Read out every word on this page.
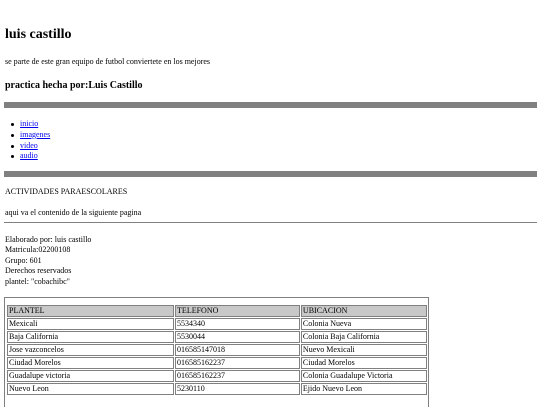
luis castillo
se parte de este gran equipo de futbol conviertete en los mejores
practica hecha por:Luis Castillo
inicio
imagenes
video
audio
ACTIVIDADES PARAESCOLARES
aqui va el contenido de la siguiente pagina
Elaborado por: luis castillo
Matricula:02200108
Grupo: 601
Derechos reservados
plantel: "cobachibc"
PLANTEL	TELEFONO	UBICACION
Mexicali	5534340	Colonia Nueva
Baja California	5530044	Colonia Baja California
Jose vazconcelos	016585147018	Nuevo Mexicali
Ciudad Morelos	016585162237	Ciudad Morelos
Guadalupe victoria	016585162237	Colonia Guadalupe Victoria
Nuevo Leon	5230110	Ejido Nuevo Leon
